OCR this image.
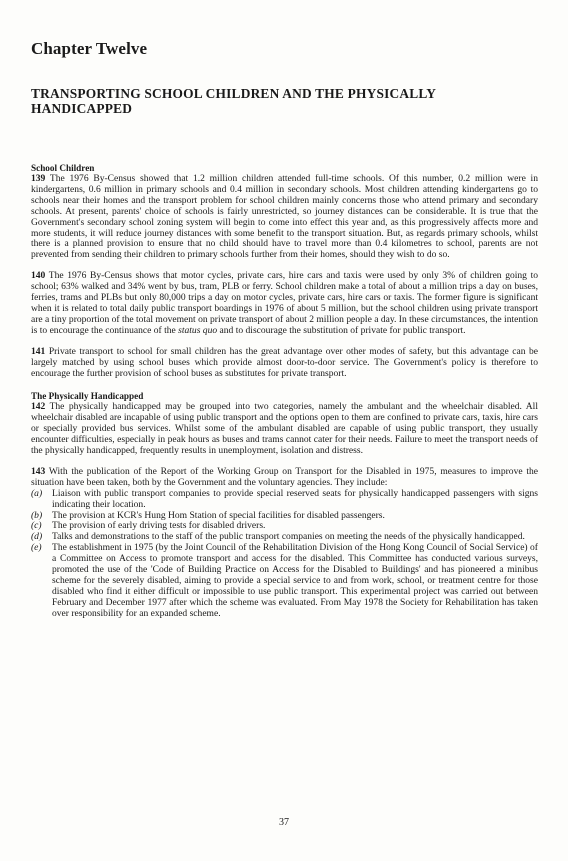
Chapter Twelve
TRANSPORTING SCHOOL CHILDREN AND THE PHYSICALLY HANDICAPPED
School Children

139 The 1976 By-Census showed that 1.2 million children attended full-time schools. Of this number, 0.2 million were in kindergartens, 0.6 million in primary schools and 0.4 million in secondary schools. Most children attending kindergartens go to schools near their homes and the transport problem for school children mainly concerns those who attend primary and secondary schools. At present, parents' choice of schools is fairly unrestricted, so journey distances can be considerable. It is true that the Government's secondary school zoning system will begin to come into effect this year and, as this progressively affects more and more students, it will reduce journey distances with some benefit to the transport situation. But, as regards primary schools, whilst there is a planned provision to ensure that no child should have to travel more than 0.4 kilometres to school, parents are not prevented from sending their children to primary schools further from their homes, should they wish to do so.

140 The 1976 By-Census shows that motor cycles, private cars, hire cars and taxis were used by only 3% of children going to school; 63% walked and 34% went by bus, tram, PLB or ferry. School children make a total of about a million trips a day on buses, ferries, trams and PLBs but only 80,000 trips a day on motor cycles, private cars, hire cars or taxis. The former figure is significant when it is related to total daily public transport boardings in 1976 of about 5 million, but the school children using private transport are a tiny proportion of the total movement on private transport of about 2 million people a day. In these circumstances, the intention is to encourage the continuance of the status quo and to discourage the substitution of private for public transport.

141 Private transport to school for small children has the great advantage over other modes of safety, but this advantage can be largely matched by using school buses which provide almost door-to-door service. The Government's policy is therefore to encourage the further provision of school buses as substitutes for private transport.

The Physically Handicapped

142 The physically handicapped may be grouped into two categories, namely the ambulant and the wheelchair disabled. All wheelchair disabled are incapable of using public transport and the options open to them are confined to private cars, taxis, hire cars or specially provided bus services. Whilst some of the ambulant disabled are capable of using public transport, they usually encounter difficulties, especially in peak hours as buses and trams cannot cater for their needs. Failure to meet the transport needs of the physically handicapped, frequently results in unemployment, isolation and distress.

143 With the publication of the Report of the Working Group on Transport for the Disabled in 1975, measures to improve the situation have been taken, both by the Government and the voluntary agencies. They include:

(a) Liaison with public transport companies to provide special reserved seats for physically handicapped passengers with signs indicating their location.
(b) The provision at KCR's Hung Hom Station of special facilities for disabled passengers.
(c) The provision of early driving tests for disabled drivers.
(d) Talks and demonstrations to the staff of the public transport companies on meeting the needs of the physically handicapped.
(e) The establishment in 1975 (by the Joint Council of the Rehabilitation Division of the Hong Kong Council of Social Service) of a Committee on Access to promote transport and access for the disabled. This Committee has conducted various surveys, promoted the use of the 'Code of Building Practice on Access for the Disabled to Buildings' and has pioneered a minibus scheme for the severely disabled, aiming to provide a special service to and from work, school, or treatment centre for those disabled who find it either difficult or impossible to use public transport. This experimental project was carried out between February and December 1977 after which the scheme was evaluated. From May 1978 the Society for Rehabilitation has taken over responsibility for an expanded scheme.
37
